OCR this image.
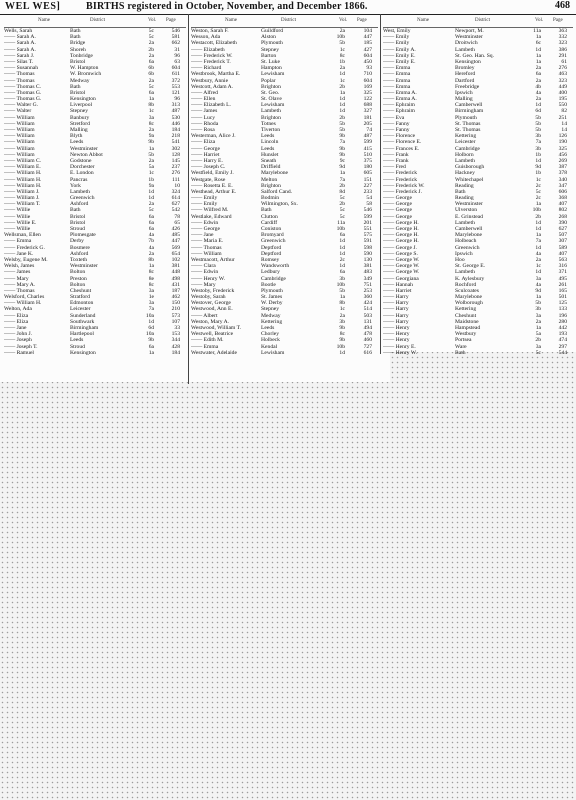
WEL WES]	BIRTHS registered in October, November, and December 1866.	468
Name	District	Vol. Page
Wells, Sarah	Bath	5c	546
—— Sarah A.	Bath	5c	581
—— Sarah A.	Bridge	2a	662
—— Sarah A.	Shoreh	2b	31
—— Sarah J.	Tonbridge	2a	96
—— Silas T.	Bristol	6a	63
—— Susannah	W. Hampton	6b	604
—— Thomas	W. Bromwich	6b	611
—— Thomas	Medway	2a	372
—— Thomas C.	Bath	5c	553
—— Thomas G.	Bristol	6a	121
—— Thomas G.	Kensington	1a	96
—— Walter G.	Liverpool	8b	313
—— Walter	Stepney	1c	487
—— William	Banbury	3a	530
—— William	Stretford	8c	446
—— William	Malling	2a	184
—— William	Blyth	9a	218
—— William	Leeds	9b	541
—— William	Westminster	1a	302
—— William	Newton Abbot	5b	128
—— William C.	Godstone	2a	145
—— William E.	Dorchester	5a	237
—— William H.	E. London	1c	276
—— William H.	Pancras	1b	111
—— William H.	York	9a	10
—— William J.	Lambeth	1d	324
—— William J.	Greenwich	1d	614
—— William T.	Ashford	2a	627
—— Willie	Bath	5c	542
—— Willie	Bristol	6a	78
—— Willie E.	Bristol	6a	65
—— Willie	Stroud	6a	426
Wellsman, Ellen	Plomesgate	4a	485
—— Emma	Derby	7b	447
—— Frederick G.	Bosmere	4a	569
—— Jane K.	Ashford	2a	654
Welsby, Eugene M.	Toxteth	8b	102
Welsh, James	Westminster	1a	381
—— James	Bolton	8c	448
—— Mary	Preston	8e	498
—— Mary A.	Bolton	8c	431
—— Thomas	Cheshunt	3a	187
Welsford, Charles	Stratford	1e	462
—— William H.	Edmonton	3a	150
Welton, Ada	Leicester	7a	210
—— Eliza	Sunderland	10a	573
—— Eliza	Southwark	1d	107
—— Jane	Birmingham	6d	33
—— John J.	Hartlepool	10a	153
—— Joseph	Leeds	9b	344
—— Joseph T.	Stroud	6a	428
—— Ramuel	Kensington	1a	184
Name	District	Vol. Page
Weston, Sarah F.	Guildford	2a	104
Wesson, Ada	Alston	10b	447
Westacott, Elizabeth	Plymouth	5b	185
—— Elizabeth	Stepney	1c	427
—— Frederick W.	Barton	8c	604
—— Frederick T.	St. Luke	1b	450
—— Richard	Hampton	2a	93
Westbrook, Martha E.	Lewisham	1d	710
Westbury, Annie	Poplar	1c	604
Westcott, Adam A.	Brighton	2b	169
—— Alfred	St. Geo.	1a	325
—— Ellen	St. Olave	1d	122
—— Elizabeth L.	Lewisham	1d	688
—— James	Lambeth	1d	327
—— Lucy	Brighton	2b	181
—— Rhoda	Totnes	5b	205
—— Rosa	Tiverton	5b	74
Westerman, Alice J.	Leeds	9b	487
—— Eliza	Lincoln	7a	599
—— George	Leeds	9b	415
—— Harriet	Hunslet	9b	510
—— Harry E.	Sneath	9c	375
—— Joseph C.	Driffield	9d	180
Westfield, Emily J.	Marylebone	1a	605
Westgate, Rose	Melton	7a	151
—— Rosetta E. E.	Brighton	2b	227
Westhead, Arthur E.	Salford Cand.	8d	233
—— Emily	Bodmin	5c	54
—— Emily	Wilmington, Sx.	2b	58
—— Wilfred M.	Bath	5c	546
Westlake, Edward	Clutton	5c	599
—— Edwin	Cardiff	11a	201
—— George	Coniston	10b	551
—— Jane	Bromyard	6a	575
—— Maria E.	Greenwich	1d	591
—— Thomas	Deptford	1d	598
—— William	Deptford	1d	590
Westmacott, Arthur	Romsey	2c	130
—— Clara	Wandsworth	1d	381
—— Edwin	Ledbury	6a	483
—— Henry W.	Cambridge	3b	349
—— Mary	Bootle	10b	751
Westoby, Frederick	Plymouth	5b	253
Westoby, Sarah	St. James	1a	360
Westover, George	W. Derby	8b	424
Westwood, Ann E.	Stepney	1c	514
—— Albert	Medway	2a	503
Weston, Mary A.	Kettering	3b	131
Westwood, William T.	Leeds	9b	494
Westwell, Beatrice	Chorley	8c	478
—— Edith M.	Holbeck	9b	460
—— Emma	Kendal	10b	727
Westwater, Adelaide	Lewisham	1d	616
Name	District	Vol. Page
West, Emily	Newport, M.	11a	363
—— Emily	Westminster	1a	332
—— Emily	Droitwich	6c	323
—— Emily A.	Lambeth	1d	386
—— Emily E.	St. Geo. Han. Sq.	1a	291
—— Emily E.	Kensington	1a	61
—— Emma	Bromley	2a	276
—— Emma	Hereford	6a	463
—— Emma	Dartford	2a	323
—— Emma	Freebridge	4b	449
—— Emma A.	Ipswich	4a	400
—— Emma A.	Malling	2a	195
—— Ephraim	Camberwell	1d	550
—— Ephraim	Birmingham	6d	82
—— Eva	Plymouth	5b	251
—— Fanny	St. Thomas	5b	14
—— Fanny	St. Thomas	5b	14
—— Florence	Kettering	3b	126
—— Florence E.	Leicester	7a	190
—— Frances E.	Cambridge	3b	325
—— Frank	Holborn	1b	456
—— Frank	Lambeth	1d	269
—— Fred	Guisborough	9d	387
—— Frederick	Hackney	1b	378
—— Frederick	Whitechapel	1c	340
—— Frederick W.	Reading	2c	347
—— Frederick J.	Bath	5c	606
—— George	Reading	2c	368
—— George	Westminster	1a	407
—— George	Ulverston	10b	802
—— George	E. Grinstead	2b	268
—— George H.	Lambeth	1d	390
—— George H.	Camberwell	1d	627
—— George H.	Marylebone	1a	507
—— George H.	Holbeach	7a	307
—— George J.	Greenwich	1d	589
—— George S.	Ipswich	4a	407
—— George W.	Hoo	2a	563
—— George W.	St. George E.	1c	316
—— George W.	Lambeth	1d	371
—— Georgiana	K. Aylesbury	3a	495
—— Hannah	Rochford	4a	261
—— Harriet	Sculcoates	9d	165
—— Harry	Marylebone	1a	501
—— Harry	Wolborough	5b	125
—— Harry	Kettering	3b	133
—— Harry	Cheshunt	3a	196
—— Harry	Maidstone	2a	280
—— Henry	Hampstead	1a	442
—— Henry	Westbury	5a	193
—— Henry	Portsea	2b	474
—— Henry E.	Ware	3a	297
—— Henry W.	Bath	5c	544
